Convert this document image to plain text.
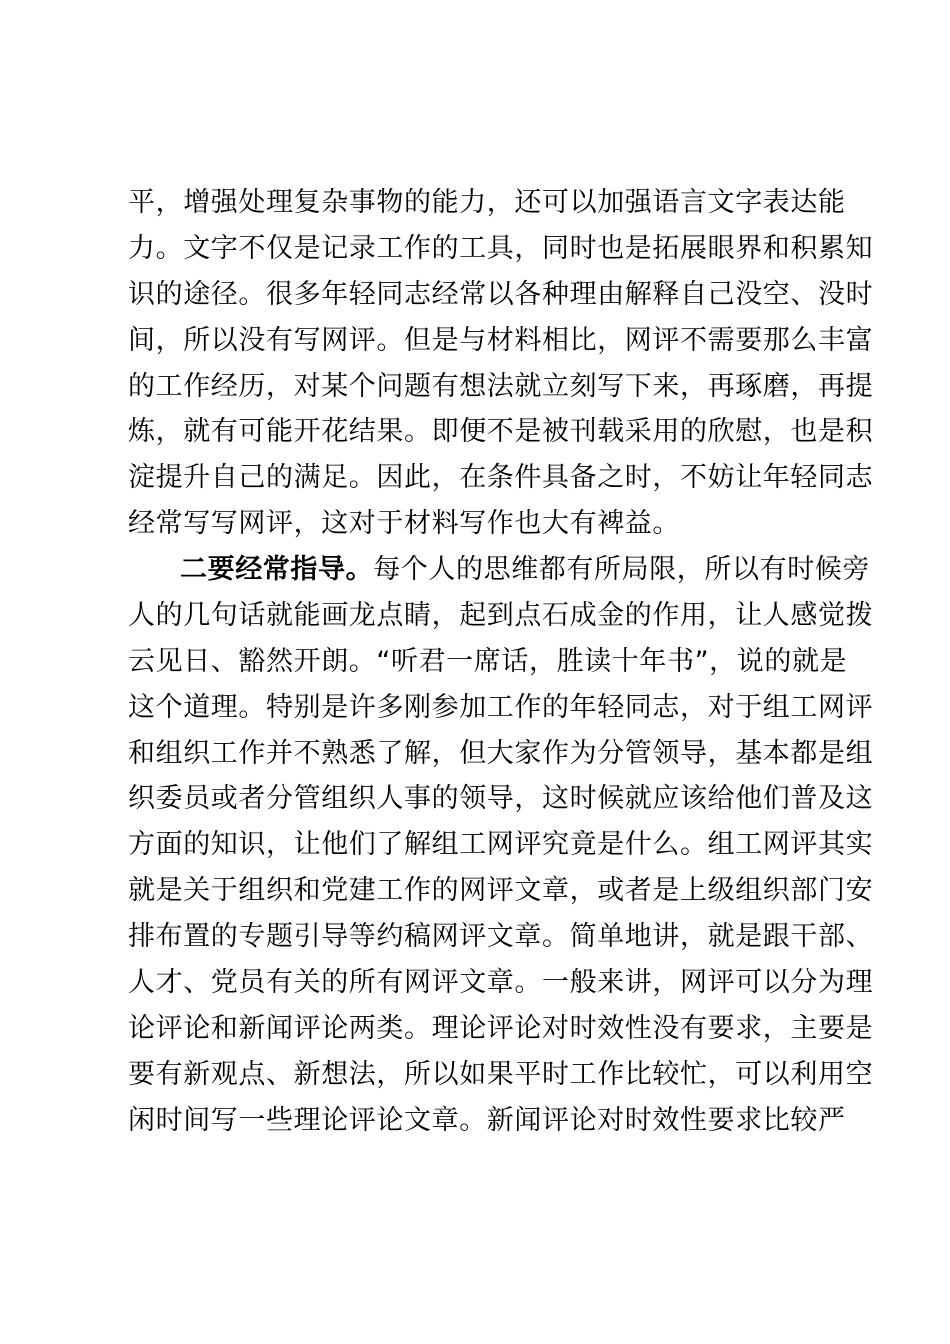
平，增强处理复杂事物的能力，还可以加强语言文字表达能
力。文字不仅是记录工作的工具，同时也是拓展眼界和积累知
识的途径。很多年轻同志经常以各种理由解释自己没空、没时
间，所以没有写网评。但是与材料相比，网评不需要那么丰富
的工作经历，对某个问题有想法就立刻写下来，再琢磨，再提
炼，就有可能开花结果。即便不是被刊载采用的欣慰，也是积
淀提升自己的满足。因此，在条件具备之时，不妨让年轻同志
经常写写网评，这对于材料写作也大有裨益。
二要经常指导。每个人的思维都有所局限，所以有时候旁
人的几句话就能画龙点睛，起到点石成金的作用，让人感觉拨
云见日、豁然开朗。“听君一席话，胜读十年书”，说的就是
这个道理。特别是许多刚参加工作的年轻同志，对于组工网评
和组织工作并不熟悉了解，但大家作为分管领导，基本都是组
织委员或者分管组织人事的领导，这时候就应该给他们普及这
方面的知识，让他们了解组工网评究竟是什么。组工网评其实
就是关于组织和党建工作的网评文章，或者是上级组织部门安
排布置的专题引导等约稿网评文章。简单地讲，就是跟干部、
人才、党员有关的所有网评文章。一般来讲，网评可以分为理
论评论和新闻评论两类。理论评论对时效性没有要求，主要是
要有新观点、新想法，所以如果平时工作比较忙，可以利用空
闲时间写一些理论评论文章。新闻评论对时效性要求比较严
